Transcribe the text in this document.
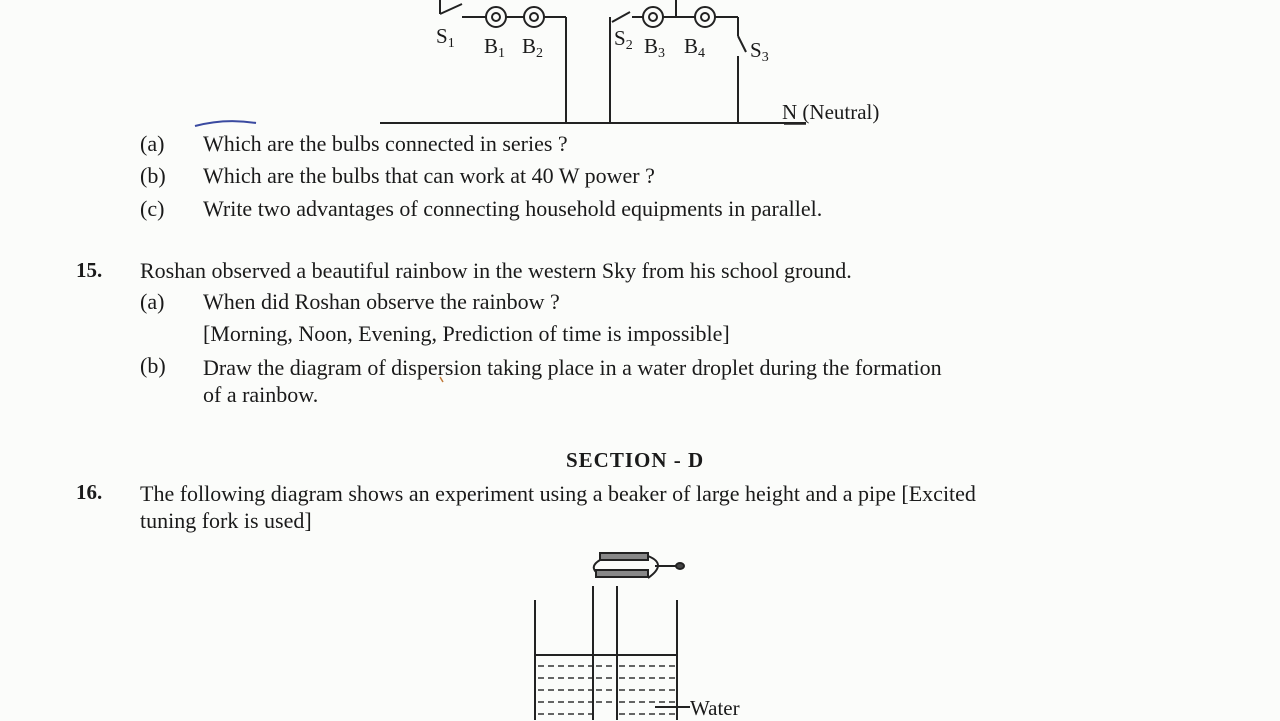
$S_1$ $B_1$ $B_2$
$S_2$ $B_3$ $B_4$ $S_3$
N (Neutral)
(a) Which are the bulbs connected in series ?
(b) Which are the bulbs that can work at 40 W power ?
(c) Write two advantages of connecting household equipments in parallel.
15. Roshan observed a beautiful rainbow in the western Sky from his school ground.
(a) When did Roshan observe the rainbow ?
[Morning, Noon, Evening, Prediction of time is impossible]
(b) Draw the diagram of dispersion taking place in a water droplet during the formation
of a rainbow.
SECTION - D
16. The following diagram shows an experiment using a beaker of large height and a pipe [Excited
tuning fork is used]
Water
